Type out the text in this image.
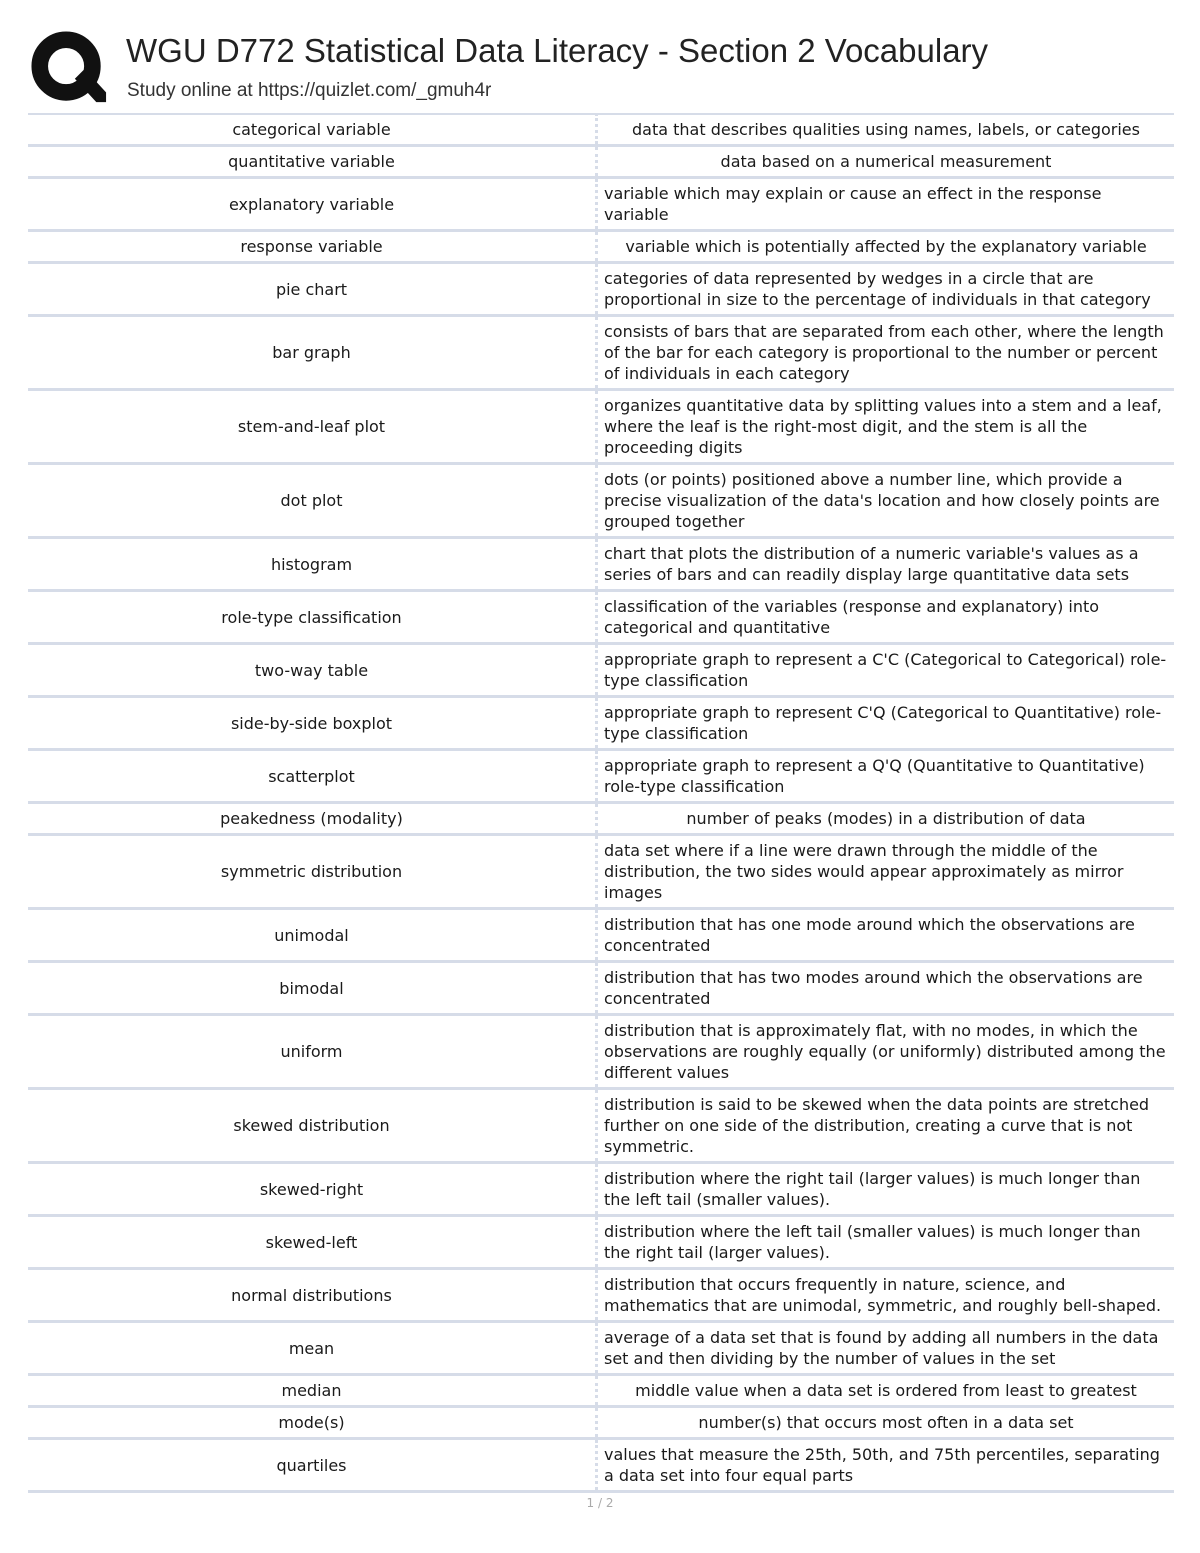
WGU D772 Statistical Data Literacy - Section 2 Vocabulary
Study online at https://quizlet.com/_gmuh4r
categorical variable	data that describes qualities using names, labels, or categories
quantitative variable	data based on a numerical measurement
explanatory variable	variable which may explain or cause an effect in the response variable
response variable	variable which is potentially affected by the explanatory variable
pie chart	categories of data represented by wedges in a circle that are proportional in size to the percentage of individuals in that category
bar graph	consists of bars that are separated from each other, where the length of the bar for each category is proportional to the number or percent of individuals in each category
stem-and-leaf plot	organizes quantitative data by splitting values into a stem and a leaf, where the leaf is the right-most digit, and the stem is all the proceeding digits
dot plot	dots (or points) positioned above a number line, which provide a precise visualization of the data's location and how closely points are grouped together
histogram	chart that plots the distribution of a numeric variable's values as a series of bars and can readily display large quantitative data sets
role-type classification	classification of the variables (response and explanatory) into categorical and quantitative
two-way table	appropriate graph to represent a C'C (Categorical to Categorical) role-type classification
side-by-side boxplot	appropriate graph to represent C'Q (Categorical to Quantitative) role-type classification
scatterplot	appropriate graph to represent a Q'Q (Quantitative to Quantitative) role-type classification
peakedness (modality)	number of peaks (modes) in a distribution of data
symmetric distribution	data set where if a line were drawn through the middle of the distribution, the two sides would appear approximately as mirror images
unimodal	distribution that has one mode around which the observations are concentrated
bimodal	distribution that has two modes around which the observations are concentrated
uniform	distribution that is approximately flat, with no modes, in which the observations are roughly equally (or uniformly) distributed among the different values
skewed distribution	distribution is said to be skewed when the data points are stretched further on one side of the distribution, creating a curve that is not symmetric.
skewed-right	distribution where the right tail (larger values) is much longer than the left tail (smaller values).
skewed-left	distribution where the left tail (smaller values) is much longer than the right tail (larger values).
normal distributions	distribution that occurs frequently in nature, science, and mathematics that are unimodal, symmetric, and roughly bell-shaped.
mean	average of a data set that is found by adding all numbers in the data set and then dividing by the number of values in the set
median	middle value when a data set is ordered from least to greatest
mode(s)	number(s) that occurs most often in a data set
quartiles	values that measure the 25th, 50th, and 75th percentiles, separating a data set into four equal parts
1 / 2
